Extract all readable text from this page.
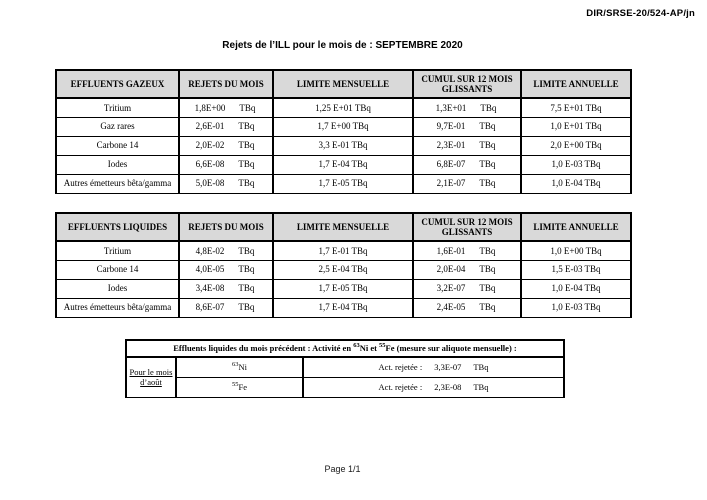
DIR/SRSE-20/524-AP/jn
Rejets de l’ILL pour le mois de : SEPTEMBRE 2020
EFFLUENTS GAZEUX	REJETS DU MOIS	LIMITE MENSUELLE	CUMUL SUR 12 MOIS GLISSANTS	LIMITE ANNUELLE
Tritium	1,8E+00 TBq	1,25 E+01 TBq	1,3E+01 TBq	7,5 E+01 TBq
Gaz rares	2,6E-01 TBq	1,7 E+00 TBq	9,7E-01 TBq	1,0 E+01 TBq
Carbone 14	2,0E-02 TBq	3,3 E-01 TBq	2,3E-01 TBq	2,0 E+00 TBq
Iodes	6,6E-08 TBq	1,7 E-04 TBq	6,8E-07 TBq	1,0 E-03 TBq
Autres émetteurs bêta/gamma	5,0E-08 TBq	1,7 E-05 TBq	2,1E-07 TBq	1,0 E-04 TBq
EFFLUENTS LIQUIDES	REJETS DU MOIS	LIMITE MENSUELLE	CUMUL SUR 12 MOIS GLISSANTS	LIMITE ANNUELLE
Tritium	4,8E-02 TBq	1,7 E-01 TBq	1,6E-01 TBq	1,0 E+00 TBq
Carbone 14	4,0E-05 TBq	2,5 E-04 TBq	2,0E-04 TBq	1,5 E-03 TBq
Iodes	3,4E-08 TBq	1,7 E-05 TBq	3,2E-07 TBq	1,0 E-04 TBq
Autres émetteurs bêta/gamma	8,6E-07 TBq	1,7 E-04 TBq	2,4E-05 TBq	1,0 E-03 TBq
Effluents liquides du mois précédent : Activité en $^{63}$Ni et $^{55}$Fe (mesure sur aliquote mensuelle) :		
Pour le mois d’août	$^{63}$Ni	Act. rejetée : 3,3E-07 TBq

	$^{55}$Fe	Act. rejetée : 2,3E-08 TBq
Page 1/1
